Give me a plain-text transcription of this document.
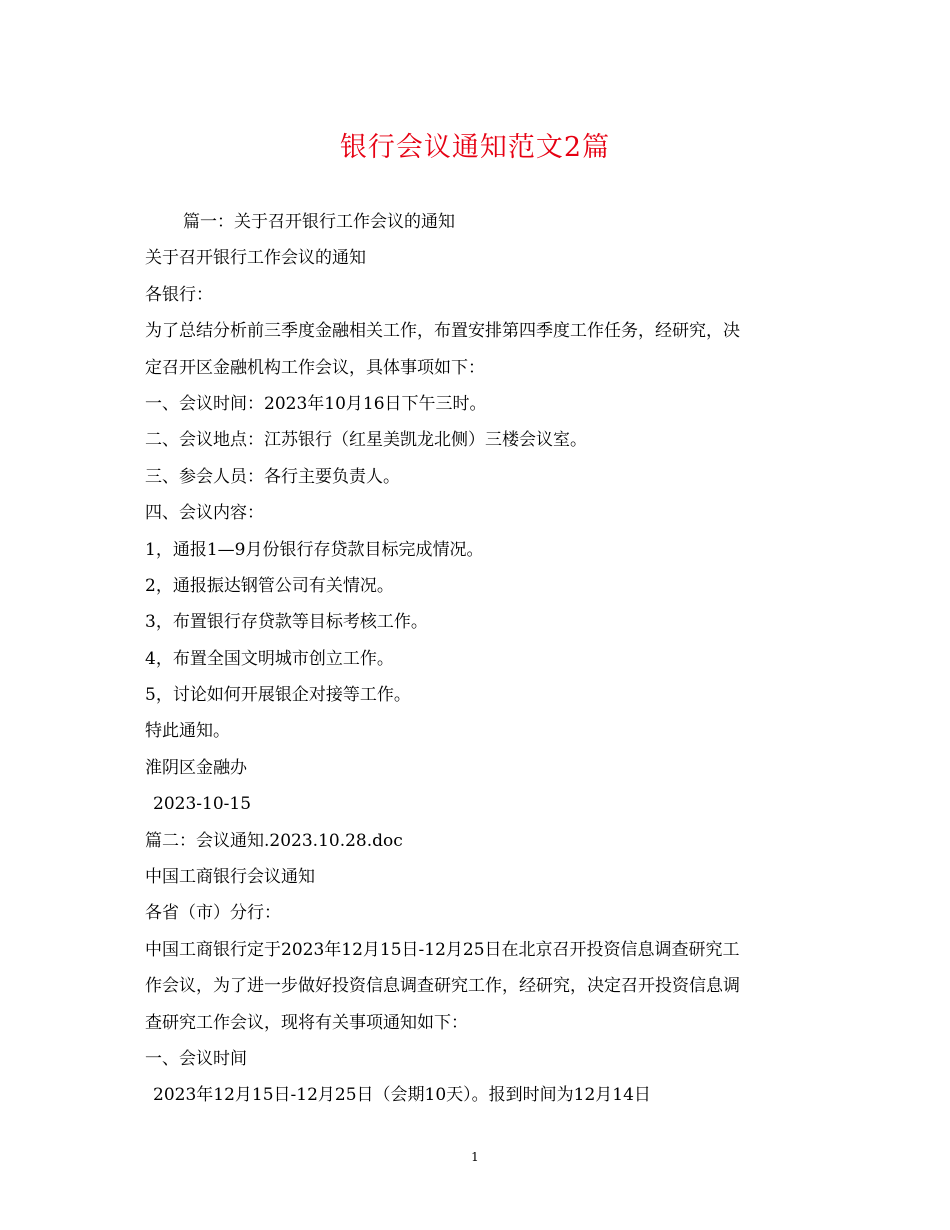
银行会议通知范文2篇

篇一：关于召开银行工作会议的通知

关于召开银行工作会议的通知

各银行：

为了总结分析前三季度金融相关工作，布置安排第四季度工作任务，经研究，决

定召开区金融机构工作会议，具体事项如下：

一、会议时间：2023年10月16日下午三时。

二、会议地点：江苏银行（红星美凯龙北侧）三楼会议室。

三、参会人员：各行主要负责人。

四、会议内容：

1，通报1—9月份银行存贷款目标完成情况。

2，通报振达钢管公司有关情况。

3，布置银行存贷款等目标考核工作。

4，布置全国文明城市创立工作。

5，讨论如何开展银企对接等工作。

特此通知。

淮阴区金融办

2023-10-15

篇二：会议通知.2023.10.28.doc

中国工商银行会议通知

各省（市）分行：

中国工商银行定于2023年12月15日-12月25日在北京召开投资信息调查研究工

作会议，为了进一步做好投资信息调查研究工作，经研究，决定召开投资信息调

查研究工作会议，现将有关事项通知如下：

一、会议时间

2023年12月15日-12月25日（会期10天）。报到时间为12月14日

1
